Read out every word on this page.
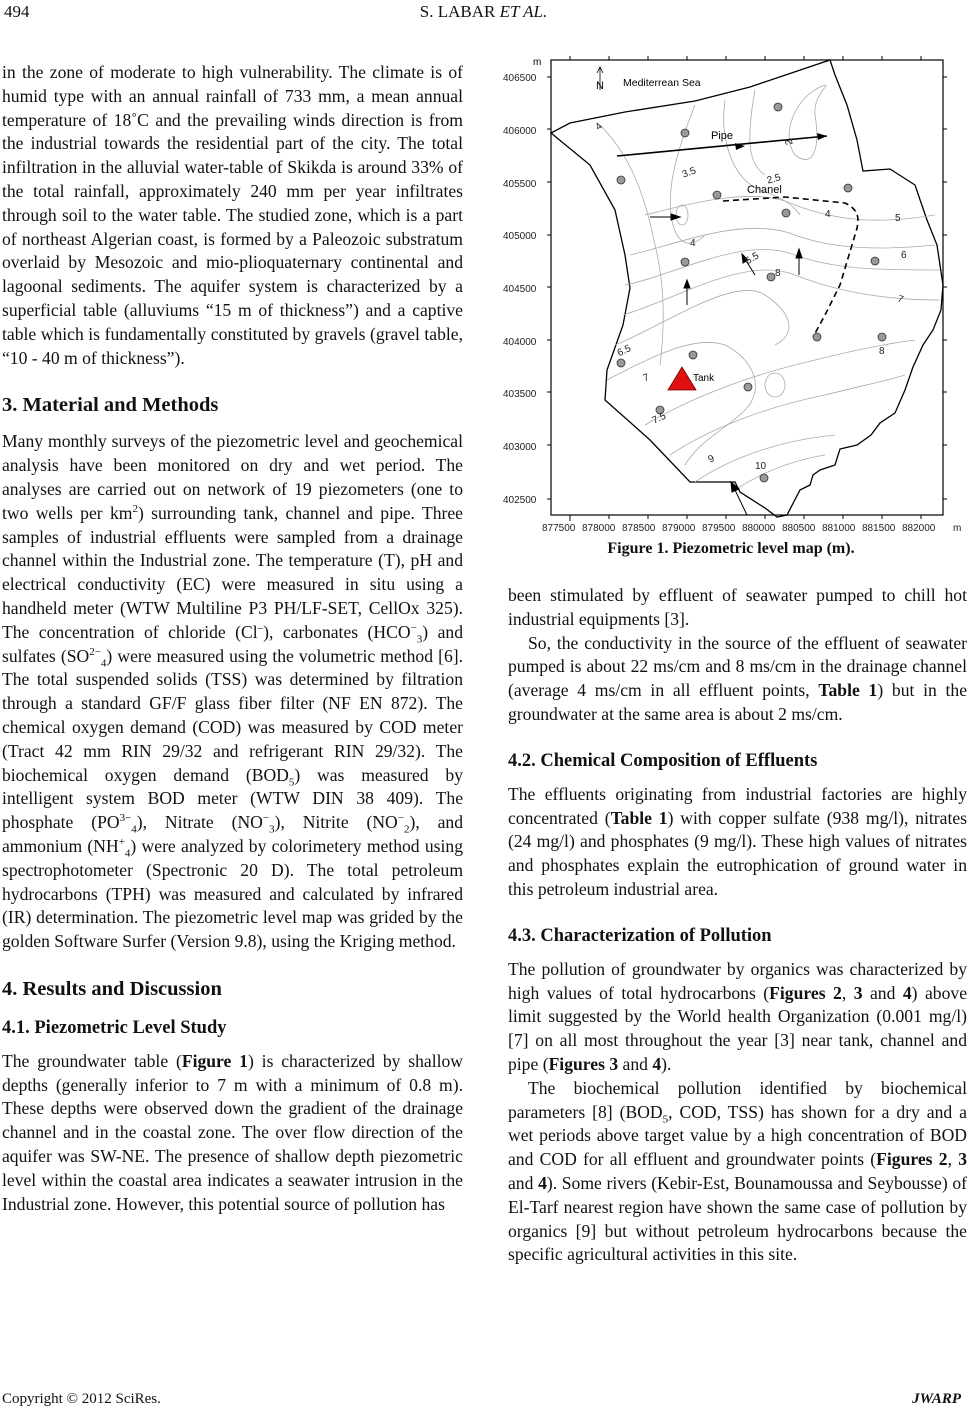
494	S. LABAR ET AL.

in the zone of moderate to high vulnerability. The climate is of humid type with an annual rainfall of 733 mm, a mean annual temperature of 18˚C and the prevailing winds direction is from the industrial towards the residential part of the city. The total infiltration in the alluvial water-table of Skikda is around 33% of the total rainfall, approximately 240 mm per year infiltrates through soil to the water table. The studied zone, which is a part of northeast Algerian coast, is formed by a Paleozoic substratum overlaid by Mesozoic and mio-plioquaternary continental and lagoonal sediments. The aquifer system is characterized by a superficial table (alluviums “15 m of thickness”) and a captive table which is fundamentally constituted by gravels (gravel table, “10 - 40 m of thickness”).

3. Material and Methods

Many monthly surveys of the piezometric level and geochemical analysis have been monitored on dry and wet period. The analyses are carried out on network of 19 piezometers (one to two wells per $km^2$) surrounding tank, channel and pipe. Three samples of industrial effluents were sampled from a drainage channel within the Industrial zone. The temperature (T), pH and electrical conductivity (EC) were measured in situ using a handheld meter (WTW Multiline P3 PH/LF-SET, CellOx 325). The concentration of chloride (Cl–), carbonates $(HCO^-_3)$ and sulfates $(SO^{2-}_4)$ were measured using the volumetric method [6]. The total suspended solids (TSS) was determined by filtration through a standard GF/F glass fiber filter (NF EN 872). The chemical oxygen demand (COD) was measured by COD meter (Tract 42 mm RIN 29/32 and refrigerant RIN 29/32). The biochemical oxygen demand $(BOD_5)$ was measured by intelligent system BOD meter (WTW DIN 38 409). The phosphate $(PO^{3-}_4)$, Nitrate $(NO^-_3)$, Nitrite $(NO^-_2)$, and ammonium $(NH^+_4)$ were analyzed by colorimetery method using spectrophotometer (Spectronic 20 D). The total petroleum hydrocarbons (TPH) was measured and calculated by infrared (IR) determination. The piezometric level map was grided by the golden Software Surfer (Version 9.8), using the Kriging method.

4. Results and Discussion
4.1. Piezometric Level Study

The groundwater table (Figure 1) is characterized by shallow depths (generally inferior to 7 m with a minimum of 0.8 m). These depths were observed down the gradient of the drainage channel and in the coastal zone. The over flow direction of the aquifer was SW-NE. The presence of shallow depth piezometric level within the coastal area indicates a seawater intrusion in the Industrial zone. However, this potential source of pollution has

m
406500
406000
405500
405000
404500
404000
403500
403000
402500
877500 878000 878500 879000 879500 880000 880500 881000 881500 882000 m
N Mediterrean Sea
Pipe
Chanel
Tank
4
3.5
2
2.5
4
4
5
6
6.5
8
7
6.5
7
7.5
8
9
10
Figure 1. Piezometric level map (m).

been stimulated by effluent of seawater pumped to chill hot industrial equipments [3].

So, the conductivity in the source of the effluent of seawater pumped is about 22 ms/cm and 8 ms/cm in the drainage channel (average 4 ms/cm in all effluent points, Table 1) but in the groundwater at the same area is about 2 ms/cm.

4.2. Chemical Composition of Effluents

The effluents originating from industrial factories are highly concentrated (Table 1) with copper sulfate (938 mg/l), nitrates (24 mg/l) and phosphates (9 mg/l). These high values of nitrates and phosphates explain the eutrophication of ground water in this petroleum industrial area.

4.3. Characterization of Pollution

The pollution of groundwater by organics was characterized by high values of total hydrocarbons (Figures 2, 3 and 4) above limit suggested by the World health Organization (0.001 mg/l) [7] on all most throughout the year [3] near tank, channel and pipe (Figures 3 and 4).

The biochemical pollution identified by biochemical parameters [8] ($BOD_5$, COD, TSS) has shown for a dry and a wet periods above target value by a high concentration of BOD and COD for all effluent and groundwater points (Figures 2, 3 and 4). Some rivers (Kebir-Est, Bounamoussa and Seybousse) of El-Tarf nearest region have shown the same case of pollution by organics [9] but without petroleum hydrocarbons because the specific agricultural activities in this site.

Copyright © 2012 SciRes.	JWARP
